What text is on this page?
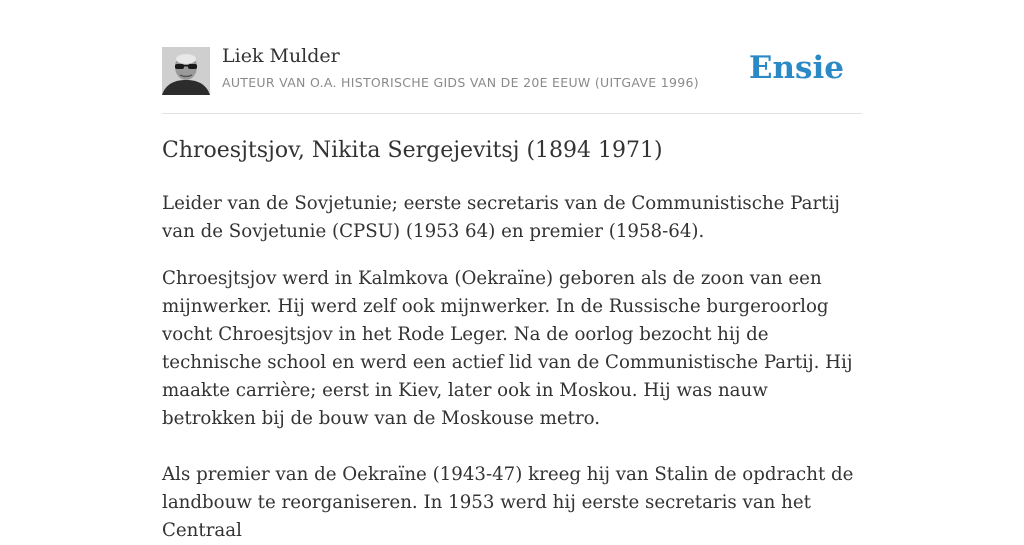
Liek Mulder
AUTEUR VAN O.A. HISTORISCHE GIDS VAN DE 20E EEUW (UITGAVE 1996) Ensie
Chroesjtsjov, Nikita Sergejevitsj (1894 1971)

Leider van de Sovjetunie; eerste secretaris van de Communistische Partij van de Sovjetunie (CPSU) (1953 64) en premier (1958-64).

Chroesjtsjov werd in Kalmkova (Oekraïne) geboren als de zoon van een mijnwerker. Hij werd zelf ook mijnwerker. In de Russische burgeroorlog vocht Chroesjtsjov in het Rode Leger. Na de oorlog bezocht hij de technische school en werd een actief lid van de Communistische Partij. Hij maakte carrière; eerst in Kiev, later ook in Moskou. Hij was nauw betrokken bij de bouw van de Moskouse metro.

Als premier van de Oekraïne (1943-47) kreeg hij van Stalin de opdracht de landbouw te reorganiseren. In 1953 werd hij eerste secretaris van het Centraal
